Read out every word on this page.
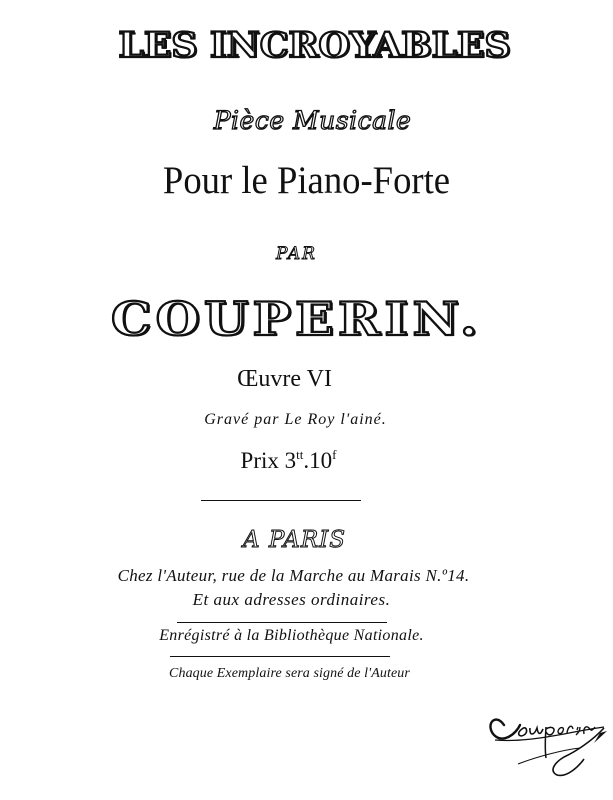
LES INCROYABLES
Pièce Musicale
Pour le Piano-Forte
PAR
COUPERIN.
Œuvre VI
Gravé par Le Roy l'ainé.
Prix $3^{tt}.10^f$
A PARIS
Chez l'Auteur, rue de la Marche au Marais N.º14.
Et aux adresses ordinaires.
Enrégistré à la Bibliothèque Nationale.
Chaque Exemplaire sera signé de l'Auteur
